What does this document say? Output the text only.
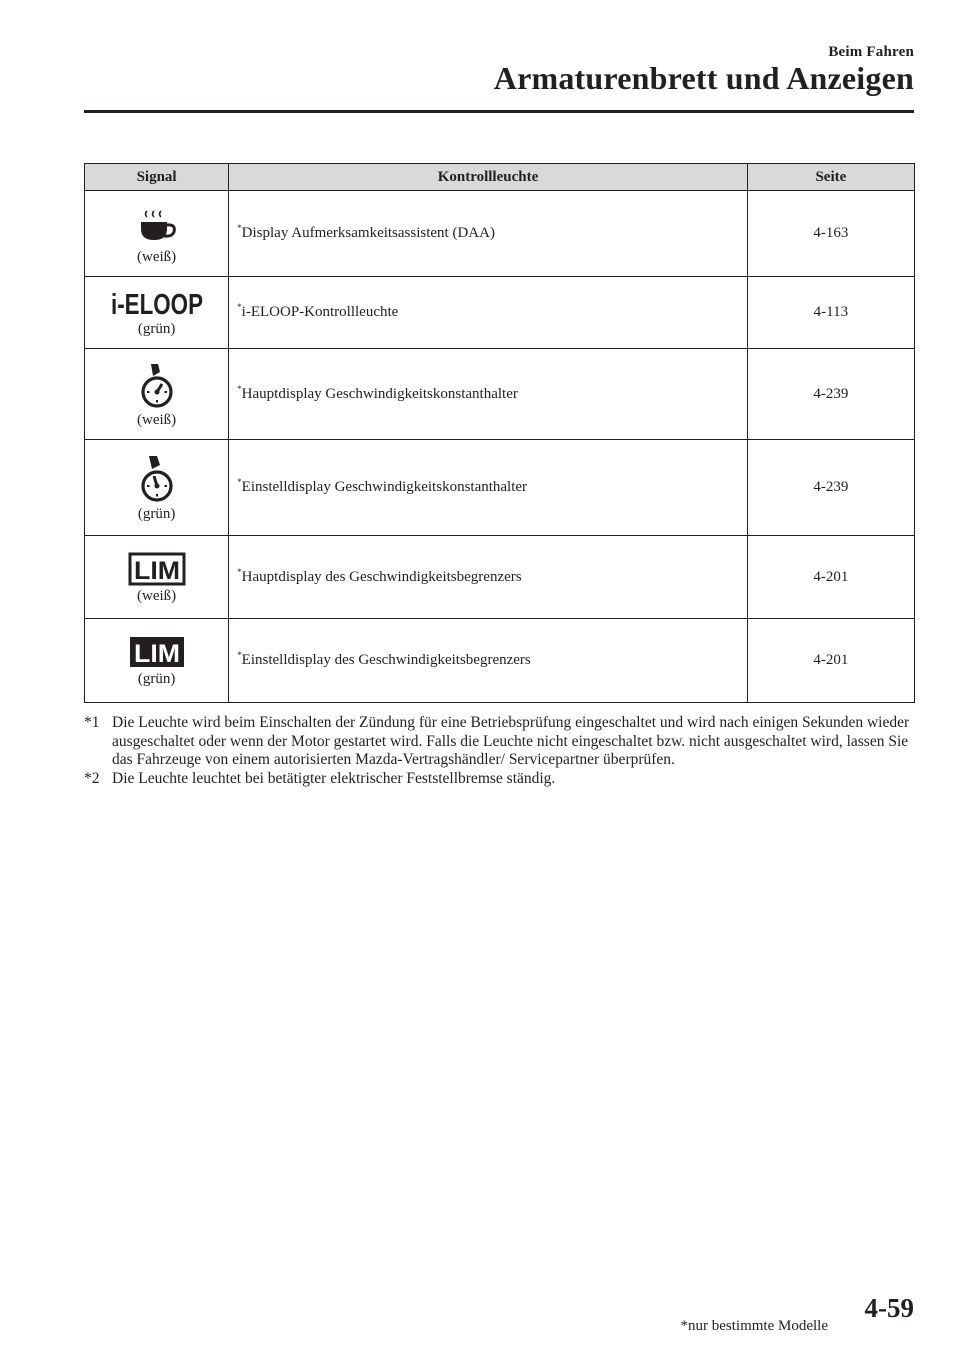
Beim Fahren
Armaturenbrett und Anzeigen
Signal	Kontrollleuchte	Seite

(weiß)	*Display Aufmerksamkeitsassistent (DAA)	4-163

i-ELOOP
(grün)	*i-ELOOP-Kontrollleuchte	4-113

(weiß)	*Hauptdisplay Geschwindigkeitskonstanthalter	4-239

(grün)	*Einstelldisplay Geschwindigkeitskonstanthalter	4-239

LIM
(weiß)	*Hauptdisplay des Geschwindigkeitsbegrenzers	4-201

LIM
(grün)	*Einstelldisplay des Geschwindigkeitsbegrenzers	4-201
*1 Die Leuchte wird beim Einschalten der Zündung für eine Betriebsprüfung eingeschaltet und wird nach einigen Sekunden wieder ausgeschaltet oder wenn der Motor gestartet wird. Falls die Leuchte nicht eingeschaltet bzw. nicht ausgeschaltet wird, lassen Sie das Fahrzeuge von einem autorisierten Mazda-Vertragshändler/ Servicepartner überprüfen.
*2 Die Leuchte leuchtet bei betätigter elektrischer Feststellbremse ständig.
*nur bestimmte Modelle
4-59
